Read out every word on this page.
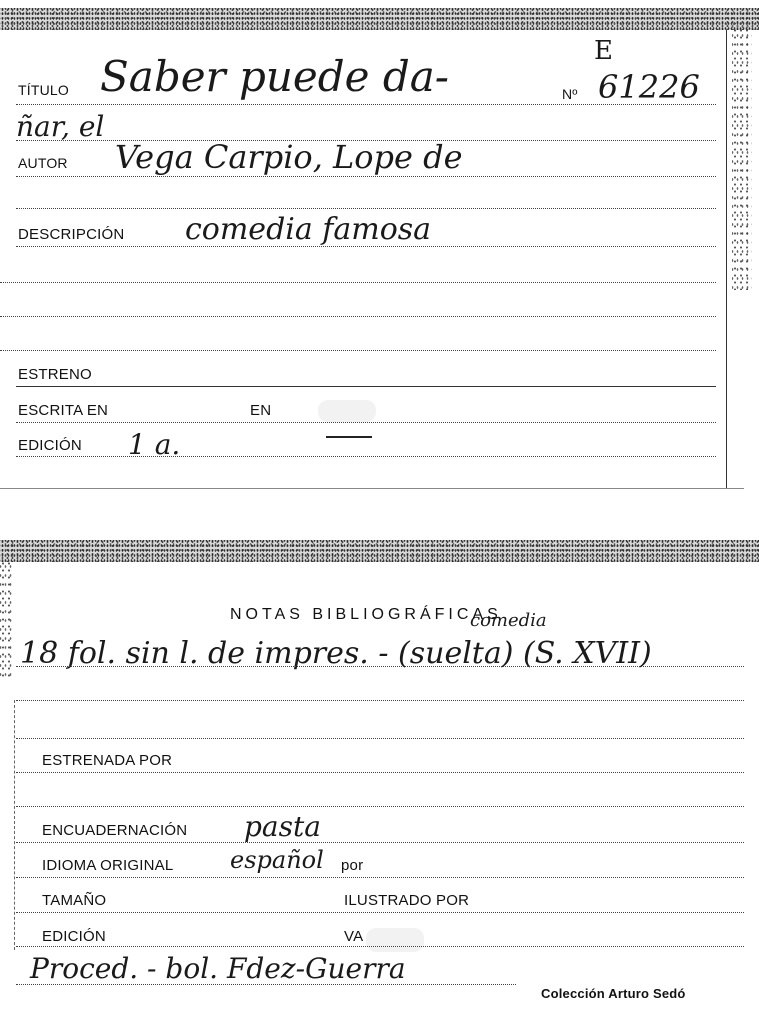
TÍTULO Saber puede da-	Nº 61226
E
ñar, el
AUTOR Vega Carpio, Lope de
DESCRIPCIÓN comedia famosa
ESTRENO
ESCRITA EN	EN
EDICIÓN 1 a.
NOTAS BIBLIOGRÁFICAS
comedia
18 fol. sin l. de impres. - (suelta) (S. XVII)
ESTRENADA POR
ENCUADERNACIÓN pasta
IDIOMA ORIGINAL español por
TAMAÑO	ILUSTRADO POR
EDICIÓN	VA
Proced. - bol. Fdez-Guerra
Colección Arturo Sedó
